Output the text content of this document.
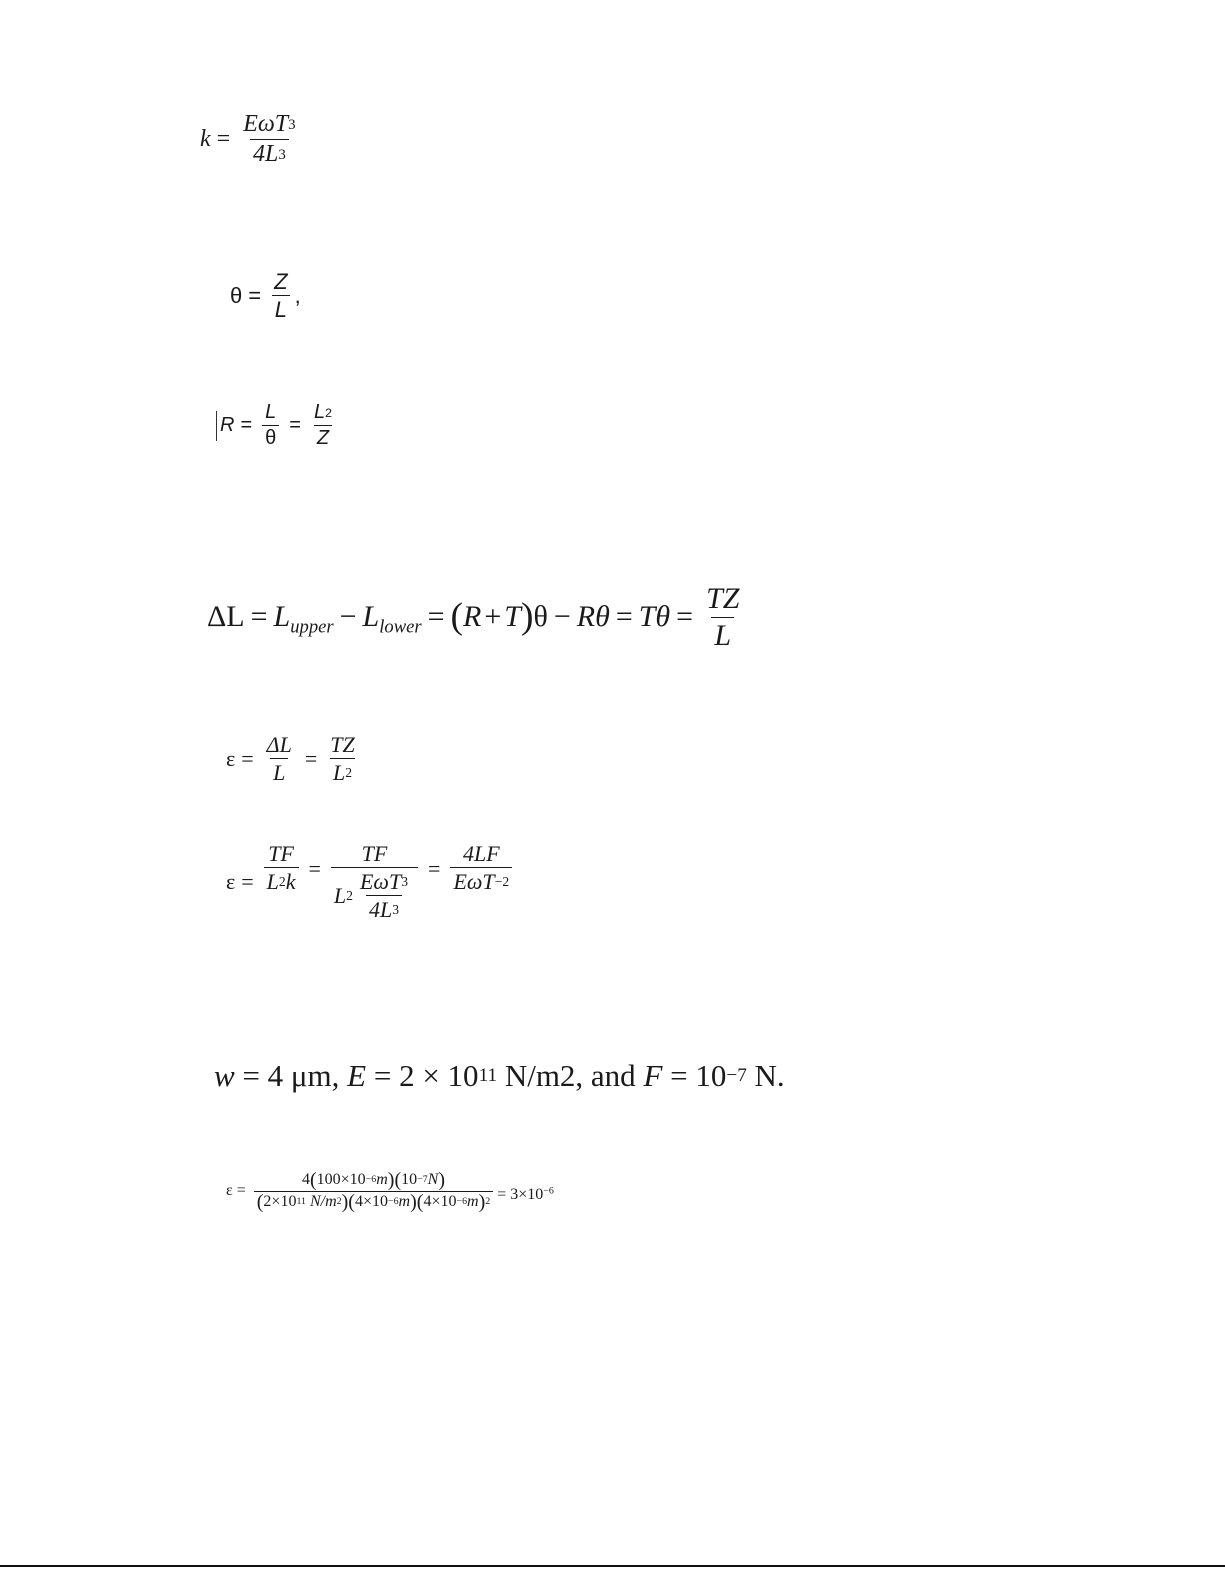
$k = \frac{\text{EωT 3}}{4L 3}$
$\theta = \frac{Z}{L}$ ,
$R = \frac{L}{\theta} = \frac{L 2}{Z}$
$\Delta L = L_{upper} - L_{lower}$ = ( R + T ) $\theta - R\theta = T\theta = \frac{TZ}{L}$
$\varepsilon = \frac{\Delta L}{L} = \frac{TZ}{L 2}$
$\varepsilon = \frac{TF}{L 2 k} = \frac{TF}{L 2 \frac{\text{EωT 3}}{4L 3}} = \frac{4LF}{\text{EωT −2}}$
w = 4 μm, E = 2 × 10 11 N/m2, and F = 10 −7 N.
ε = 4 ( 100×10 −6 m ) ( 10 −7 N )
( 2×10 11
N/m 2 ) ( 4×10 −6 m ) ( 4×10 −6 m ) $2 = 3\times 10^{-6}$
